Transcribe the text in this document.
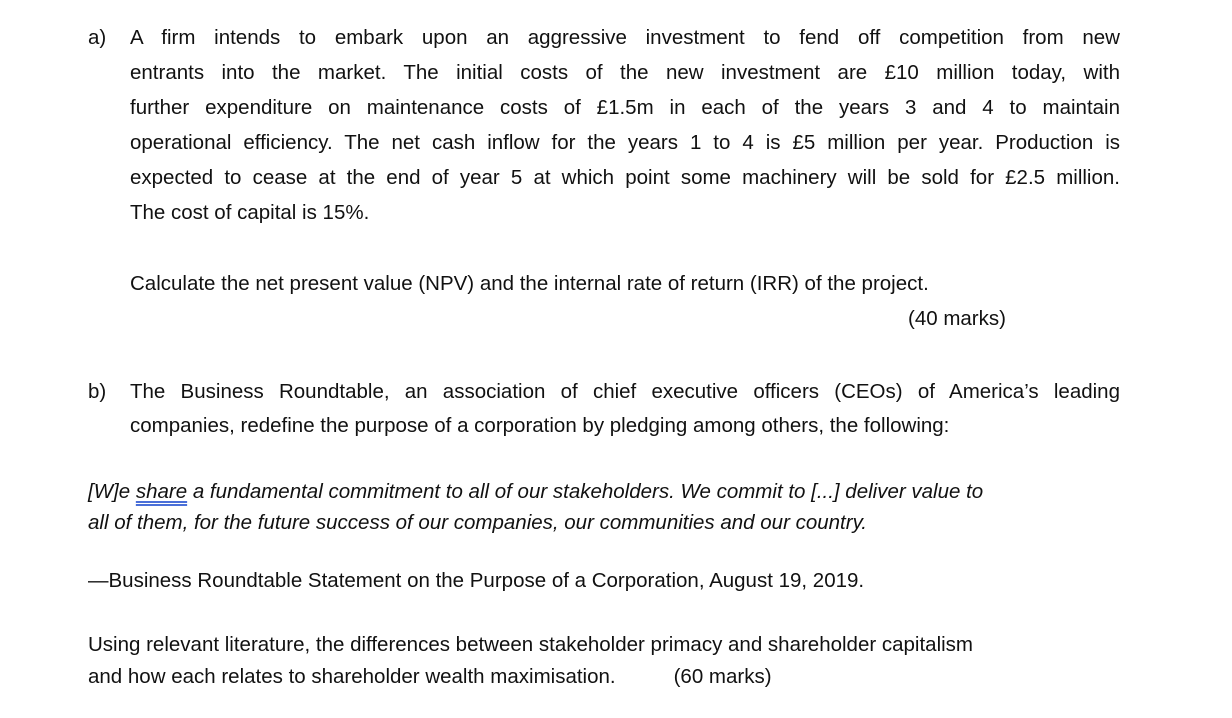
a) A firm intends to embark upon an aggressive investment to fend off competition from new
entrants into the market. The initial costs of the new investment are £10 million today, with
further expenditure on maintenance costs of £1.5m in each of the years 3 and 4 to maintain
operational efficiency. The net cash inflow for the years 1 to 4 is £5 million per year. Production is
expected to cease at the end of year 5 at which point some machinery will be sold for £2.5 million.
The cost of capital is 15%.
Calculate the net present value (NPV) and the internal rate of return (IRR) of the project.
(40 marks)
b) The Business Roundtable, an association of chief executive officers (CEOs) of America’s leading
companies, redefine the purpose of a corporation by pledging among others, the following:
[W]e share a fundamental commitment to all of our stakeholders. We commit to [...] deliver value to
all of them, for the future success of our companies, our communities and our country.
—Business Roundtable Statement on the Purpose of a Corporation, August 19, 2019.
Using relevant literature, the differences between stakeholder primacy and shareholder capitalism
and how each relates to shareholder wealth maximisation.	(60 marks)
